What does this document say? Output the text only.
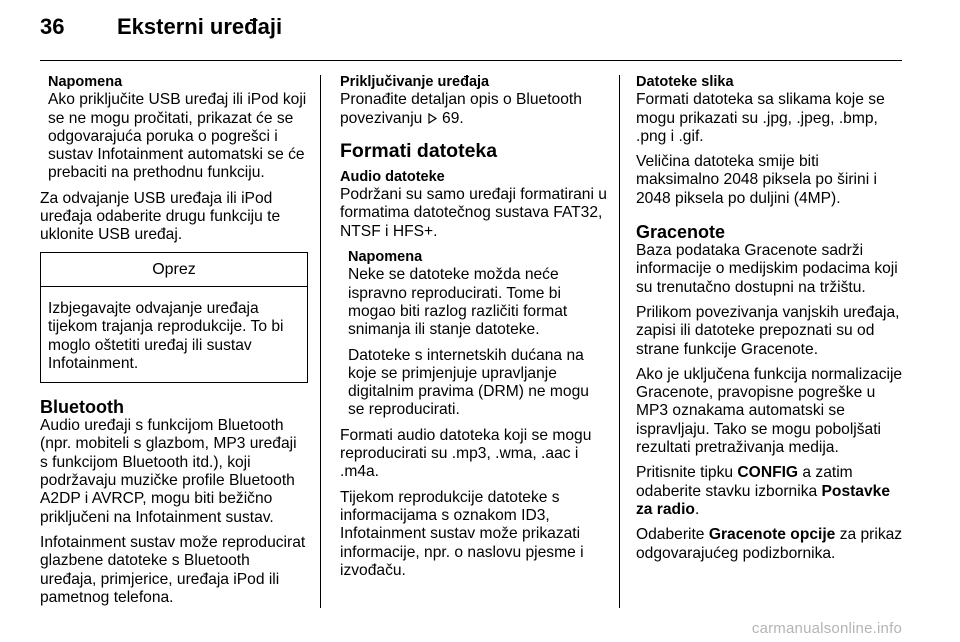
36 Eksterni uređaji
Napomena

Ako priključite USB uređaj ili iPod koji se ne mogu pročitati, prikazat će se odgovarajuća poruka o pogrešci i sustav Infotainment automatski se će prebaciti na prethodnu funkciju.

Za odvajanje USB uređaja ili iPod uređaja odaberite drugu funkciju te uklonite USB uređaj.

Oprez
Izbjegavajte odvajanje uređaja tijekom trajanja reprodukcije. To bi moglo oštetiti uređaj ili sustav Infotainment.
Bluetooth

Audio uređaji s funkcijom Bluetooth (npr. mobiteli s glazbom, MP3 uređaji s funkcijom Bluetooth itd.), koji podržavaju muzičke profile Bluetooth A2DP i AVRCP, mogu biti bežično priključeni na Infotainment sustav.

Infotainment sustav može reproducirat glazbene datoteke s Bluetooth uređaja, primjerice, uređaja iPod ili pametnog telefona.

Priključivanje uređaja

Pronađite detaljan opis o Bluetooth povezivanju 69.

Formati datoteka
Audio datoteke

Podržani su samo uređaji formatirani u formatima datotečnog sustava FAT32, NTSF i HFS+.

Napomena

Neke se datoteke možda neće ispravno reproducirati. Tome bi mogao biti razlog različiti format snimanja ili stanje datoteke.

Datoteke s internetskih dućana na koje se primjenjuje upravljanje digitalnim pravima (DRM) ne mogu se reproducirati.

Formati audio datoteka koji se mogu reproducirati su .mp3, .wma, .aac i .m4a.

Tijekom reprodukcije datoteke s informacijama s oznakom ID3, Infotainment sustav može prikazati informacije, npr. o naslovu pjesme i izvođaču.

Datoteke slika

Formati datoteka sa slikama koje se mogu prikazati su .jpg, .jpeg, .bmp, .png i .gif.

Veličina datoteka smije biti maksimalno 2048 piksela po širini i 2048 piksela po duljini (4MP).

Gracenote

Baza podataka Gracenote sadrži informacije o medijskim podacima koji su trenutačno dostupni na tržištu.

Prilikom povezivanja vanjskih uređaja, zapisi ili datoteke prepoznati su od strane funkcije Gracenote.

Ako je uključena funkcija normalizacije Gracenote, pravopisne pogreške u MP3 oznakama automatski se ispravljaju. Tako se mogu poboljšati rezultati pretraživanja medija.

Pritisnite tipku CONFIG a zatim odaberite stavku izbornika Postavke za radio.

Odaberite Gracenote opcije za prikaz odgovarajućeg podizbornika.

carmanualsonline.info
